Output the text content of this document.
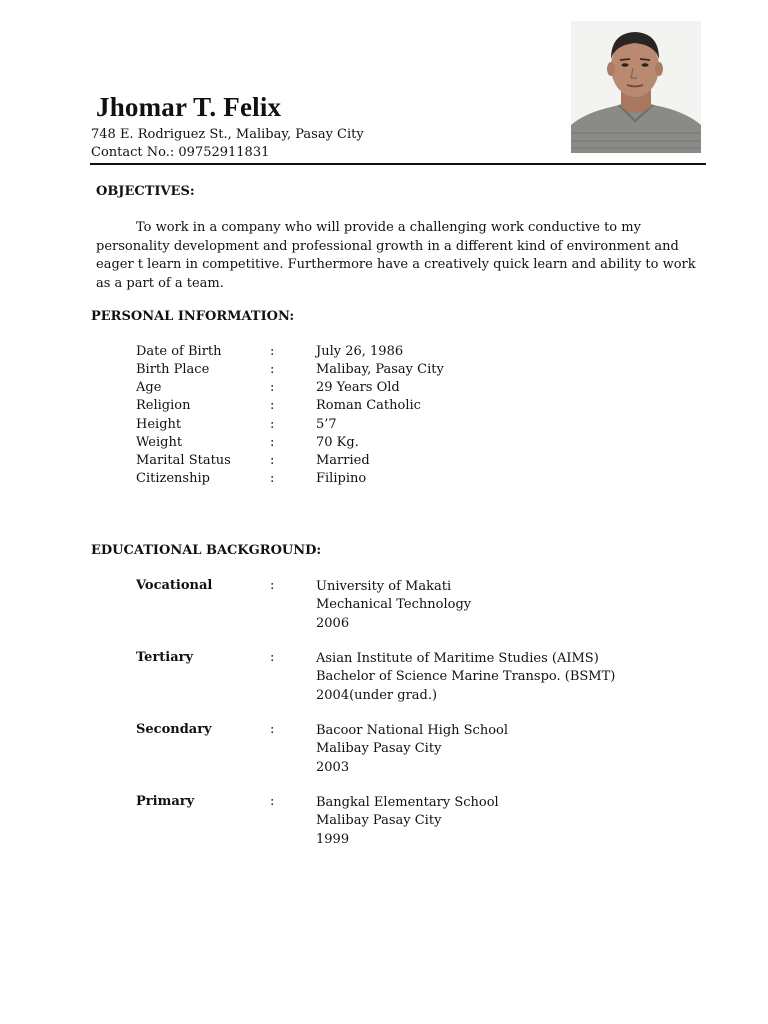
Jhomar T. Felix
748 E. Rodriguez St., Malibay, Pasay City
Contact No.: 09752911831
OBJECTIVES:
To work in a company who will provide a challenging work conductive to my personality development and professional growth in a different kind of environment and eager t learn in competitive. Furthermore have a creatively quick learn and ability to work as a part of a team.
PERSONAL INFORMATION:
Date of Birth	:	July 26, 1986
Birth Place	:	Malibay, Pasay City
Age	:	29 Years Old
Religion	:	Roman Catholic
Height	:	5’7
Weight	:	70 Kg.
Marital Status	:	Married
Citizenship	:	Filipino
EDUCATIONAL BACKGROUND:
Vocational	:	University of Makati
Mechanical Technology
2006
Tertiary	:	Asian Institute of Maritime Studies (AIMS)
Bachelor of Science Marine Transpo. (BSMT)
2004(under grad.)
Secondary	:	Bacoor National High School
Malibay Pasay City
2003
Primary	:	Bangkal Elementary School
Malibay Pasay City
1999
